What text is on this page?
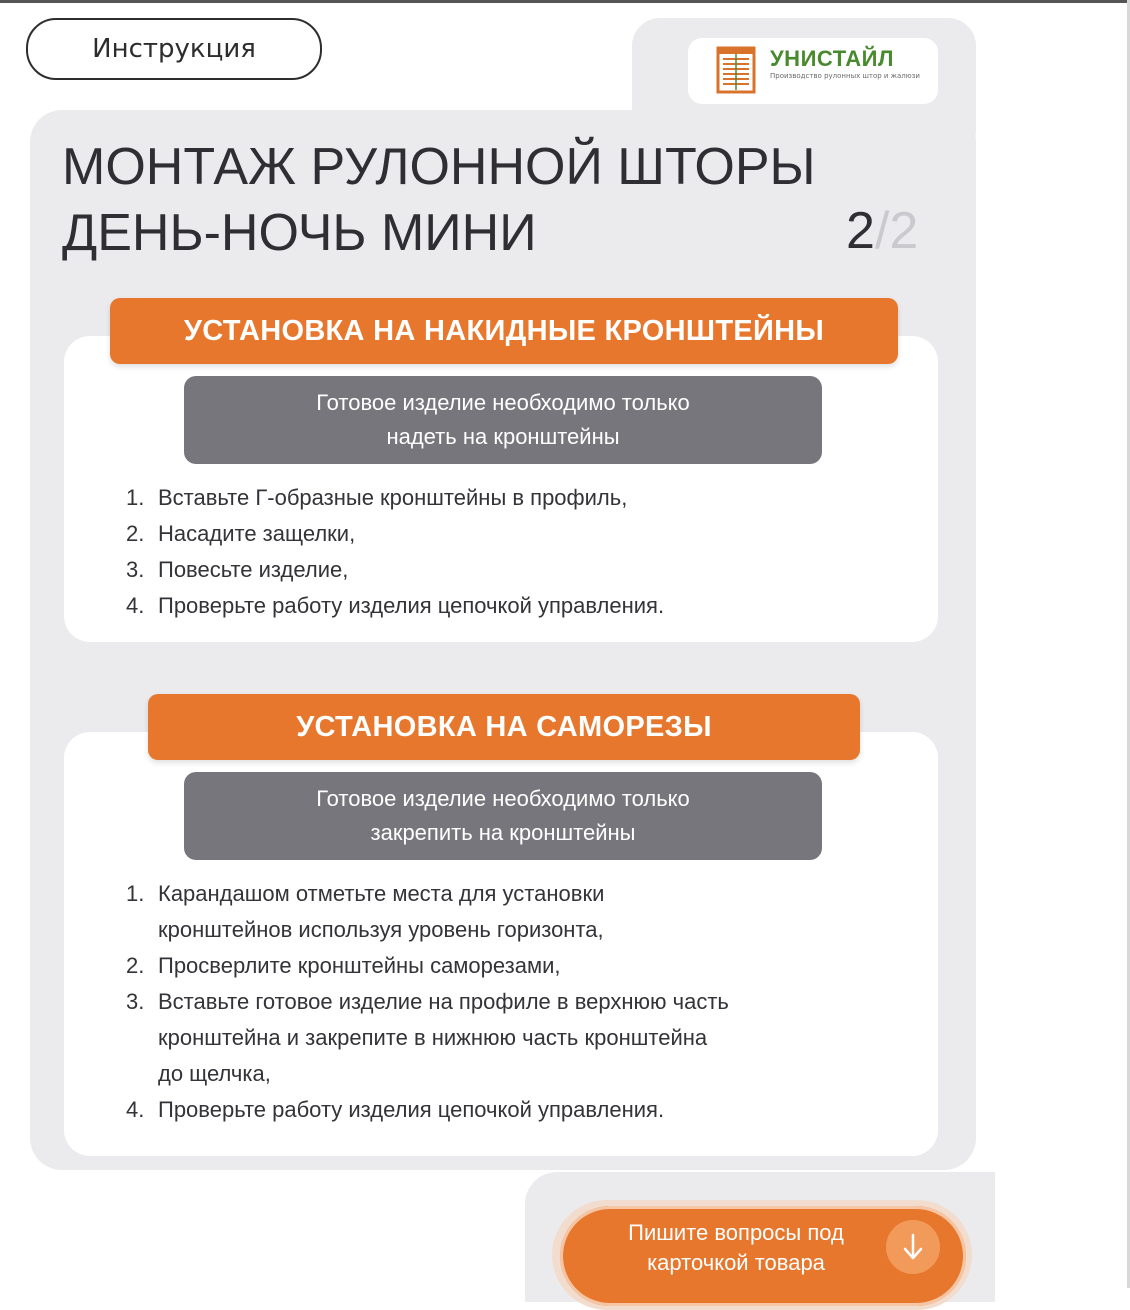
Инструкция	УНИСТАЙЛ
Производство рулонных штор и жалюзи
МОНТАЖ РУЛОННОЙ ШТОРЫ
ДЕНЬ-НОЧЬ МИНИ	2/2
УСТАНОВКА НА НАКИДНЫЕ КРОНШТЕЙНЫ
Готовое изделие необходимо только
надеть на кронштейны
1. Вставьте Г-образные кронштейны в профиль,
2. Насадите защелки,
3. Повесьте изделие,
4. Проверьте работу изделия цепочкой управления.
УСТАНОВКА НА САМОРЕЗЫ
Готовое изделие необходимо только
закрепить на кронштейны
1. Карандашом отметьте места для установки
кронштейнов используя уровень горизонта,
2. Просверлите кронштейны саморезами,
3. Вставьте готовое изделие на профиле в верхнюю часть
кронштейна и закрепите в нижнюю часть кронштейна
до щелчка,
4. Проверьте работу изделия цепочкой управления.
Пишите вопросы под
карточкой товара
